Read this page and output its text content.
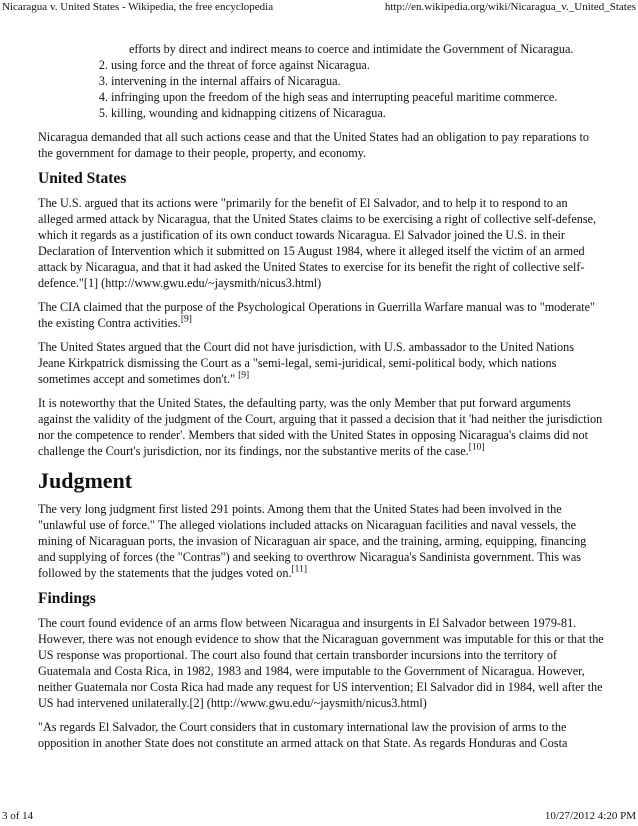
Nicaragua v. United States - Wikipedia, the free encyclopedia	http://en.wikipedia.org/wiki/Nicaragua_v._United_States
efforts by direct and indirect means to coerce and intimidate the Government of Nicaragua.
2. using force and the threat of force against Nicaragua.
3. intervening in the internal affairs of Nicaragua.
4. infringing upon the freedom of the high seas and interrupting peaceful maritime commerce.
5. killing, wounding and kidnapping citizens of Nicaragua.

Nicaragua demanded that all such actions cease and that the United States had an obligation to pay reparations to the government for damage to their people, property, and economy.

United States

The U.S. argued that its actions were "primarily for the benefit of El Salvador, and to help it to respond to an alleged armed attack by Nicaragua, that the United States claims to be exercising a right of collective self-defense, which it regards as a justification of its own conduct towards Nicaragua. El Salvador joined the U.S. in their Declaration of Intervention which it submitted on 15 August 1984, where it alleged itself the victim of an armed attack by Nicaragua, and that it had asked the United States to exercise for its benefit the right of collective self-defence."[1] (http://www.gwu.edu/~jaysmith/nicus3.html)

The CIA claimed that the purpose of the Psychological Operations in Guerrilla Warfare manual was to "moderate" the existing Contra activities.[9]

The United States argued that the Court did not have jurisdiction, with U.S. ambassador to the United Nations Jeane Kirkpatrick dismissing the Court as a "semi-legal, semi-juridical, semi-political body, which nations sometimes accept and sometimes don't." [9]

It is noteworthy that the United States, the defaulting party, was the only Member that put forward arguments against the validity of the judgment of the Court, arguing that it passed a decision that it 'had neither the jurisdiction nor the competence to render'. Members that sided with the United States in opposing Nicaragua's claims did not challenge the Court's jurisdiction, nor its findings, nor the substantive merits of the case.[10]

Judgment

The very long judgment first listed 291 points. Among them that the United States had been involved in the "unlawful use of force." The alleged violations included attacks on Nicaraguan facilities and naval vessels, the mining of Nicaraguan ports, the invasion of Nicaraguan air space, and the training, arming, equipping, financing and supplying of forces (the "Contras") and seeking to overthrow Nicaragua's Sandinista government. This was followed by the statements that the judges voted on.[11]

Findings

The court found evidence of an arms flow between Nicaragua and insurgents in El Salvador between 1979-81. However, there was not enough evidence to show that the Nicaraguan government was imputable for this or that the US response was proportional. The court also found that certain transborder incursions into the territory of Guatemala and Costa Rica, in 1982, 1983 and 1984, were imputable to the Government of Nicaragua. However, neither Guatemala nor Costa Rica had made any request for US intervention; El Salvador did in 1984, well after the US had intervened unilaterally.[2] (http://www.gwu.edu/~jaysmith/nicus3.html)

"As regards El Salvador, the Court considers that in customary international law the provision of arms to the opposition in another State does not constitute an armed attack on that State. As regards Honduras and Costa

3 of 14	10/27/2012 4:20 PM
